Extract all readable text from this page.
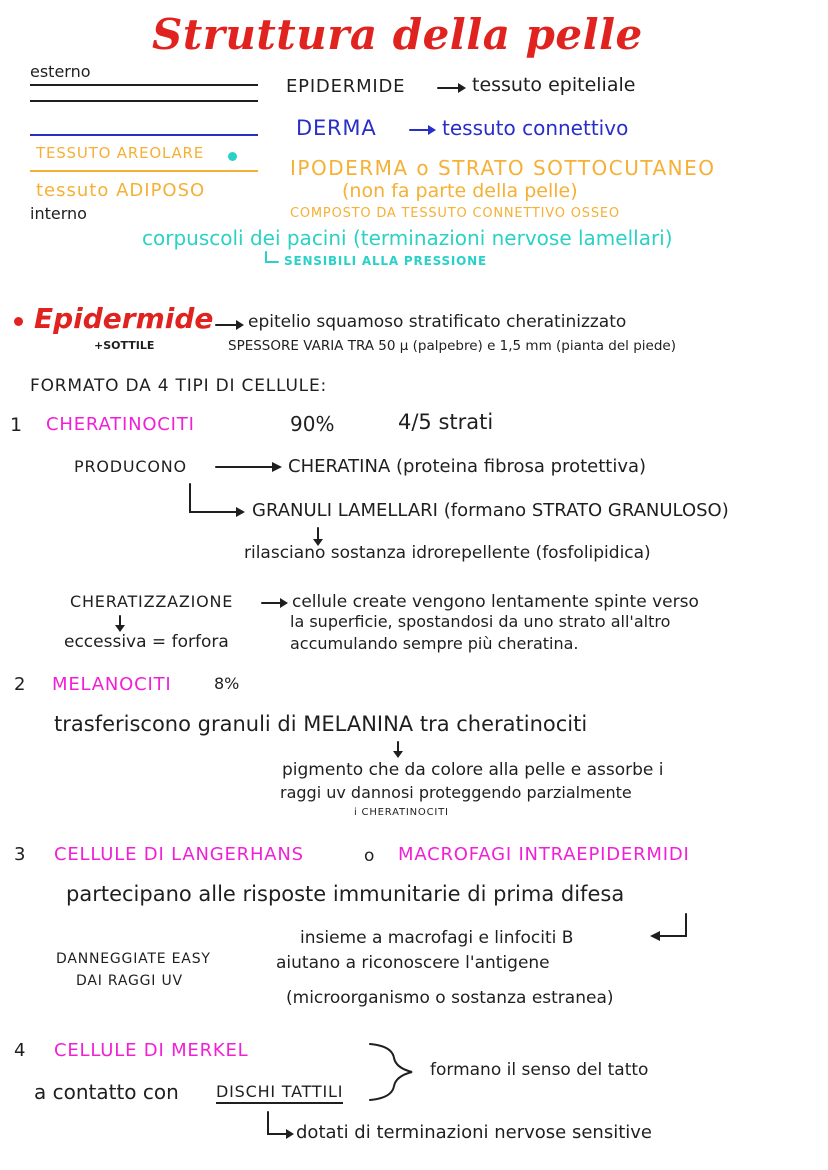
Struttura della pelle
esterno
EPIDERMIDE	tessuto epiteliale
DERMA	tessuto connettivo
TESSUTO AREOLARE
tessuto ADIPOSO
interno
IPODERMA o STRATO SOTTOCUTANEO
(non fa parte della pelle)
COMPOSTO DA TESSUTO CONNETTIVO OSSEO
corpuscoli dei pacini (terminazioni nervose lamellari)
SENSIBILI ALLA PRESSIONE
Epidermide
+SOTTILE
epitelio squamoso stratificato cheratinizzato
SPESSORE VARIA TRA 50 µ (palpebre) e 1,5 mm (pianta del piede)
FORMATO DA 4 TIPI DI CELLULE:
1 CHERATINOCITI	90%	4/5 strati
PRODUCONO	CHERATINA (proteina fibrosa protettiva)
GRANULI LAMELLARI (formano STRATO GRANULOSO)
rilasciano sostanza idrorepellente (fosfolipidica)
CHERATIZZAZIONE
eccessiva = forfora
cellule create vengono lentamente spinte verso
la superficie, spostandosi da uno strato all'altro
accumulando sempre più cheratina.
2 MELANOCITI	8%
trasferiscono granuli di MELANINA tra cheratinociti
pigmento che da colore alla pelle e assorbe i
raggi uv dannosi proteggendo parzialmente
i CHERATINOCITI
3 CELLULE DI LANGERHANS	o MACROFAGI INTRAEPIDERMIDI
partecipano alle risposte immunitarie di prima difesa
insieme a macrofagi e linfociti B
aiutano a riconoscere l'antigene
(microorganismo o sostanza estranea)
DANNEGGIATE EASY
DAI RAGGI UV
4 CELLULE DI MERKEL
a contatto con DISCHI TATTILI
formano il senso del tatto
dotati di terminazioni nervose sensitive
